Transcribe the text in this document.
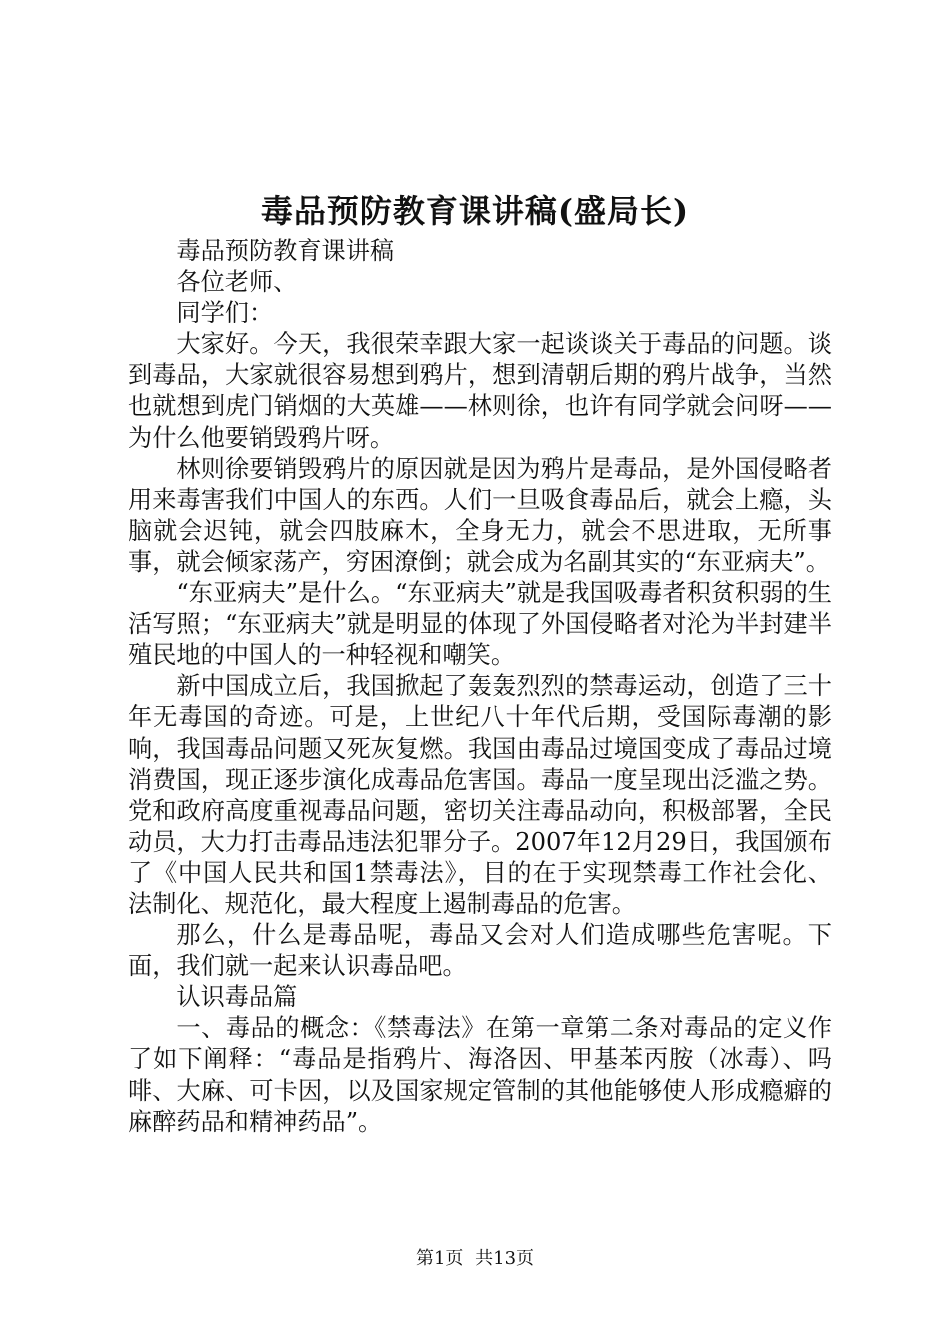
毒品预防教育课讲稿(盛局长)

毒品预防教育课讲稿

各位老师、

同学们：

大家好。今天，我很荣幸跟大家一起谈谈关于毒品的问题。谈到毒品，大家就很容易想到鸦片，想到清朝后期的鸦片战争，当然也就想到虎门销烟的大英雄——林则徐，也许有同学就会问呀——为什么他要销毁鸦片呀。

林则徐要销毁鸦片的原因就是因为鸦片是毒品，是外国侵略者用来毒害我们中国人的东西。人们一旦吸食毒品后，就会上瘾，头脑就会迟钝，就会四肢麻木，全身无力，就会不思进取，无所事事，就会倾家荡产，穷困潦倒；就会成为名副其实的“东亚病夫”。

“东亚病夫”是什么。“东亚病夫”就是我国吸毒者积贫积弱的生活写照；“东亚病夫”就是明显的体现了外国侵略者对沦为半封建半殖民地的中国人的一种轻视和嘲笑。

新中国成立后，我国掀起了轰轰烈烈的禁毒运动，创造了三十年无毒国的奇迹。可是，上世纪八十年代后期，受国际毒潮的影响，我国毒品问题又死灰复燃。我国由毒品过境国变成了毒品过境消费国，现正逐步演化成毒品危害国。毒品一度呈现出泛滥之势。党和政府高度重视毒品问题，密切关注毒品动向，积极部署，全民动员，大力打击毒品违法犯罪分子。2007年12月29日，我国颁布了《中国人民共和国1禁毒法》，目的在于实现禁毒工作社会化、法制化、规范化，最大程度上遏制毒品的危害。

那么，什么是毒品呢，毒品又会对人们造成哪些危害呢。下面，我们就一起来认识毒品吧。

认识毒品篇

一、毒品的概念：《禁毒法》在第一章第二条对毒品的定义作了如下阐释：“毒品是指鸦片、海洛因、甲基苯丙胺（冰毒）、吗啡、大麻、可卡因，以及国家规定管制的其他能够使人形成瘾癖的麻醉药品和精神药品”。

第1页 共13页
